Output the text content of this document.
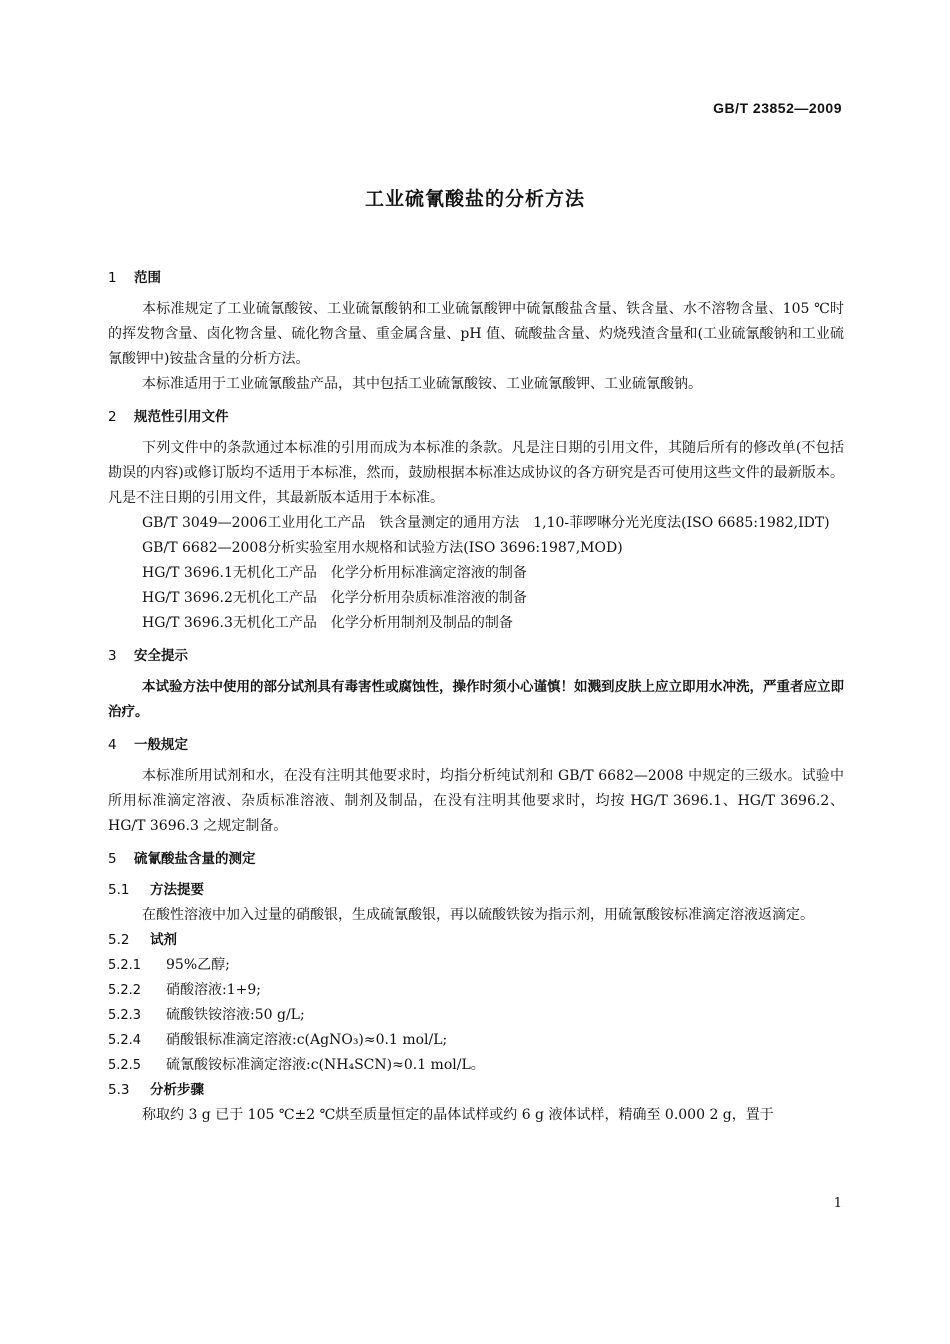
GB/T 23852—2009
工业硫氰酸盐的分析方法
1 范围

本标准规定了工业硫氰酸铵、工业硫氰酸钠和工业硫氰酸钾中硫氰酸盐含量、铁含量、水不溶物含量、105 ℃时的挥发物含量、卤化物含量、硫化物含量、重金属含量、pH 值、硫酸盐含量、灼烧残渣含量和(工业硫氰酸钠和工业硫氰酸钾中)铵盐含量的分析方法。

本标准适用于工业硫氰酸盐产品，其中包括工业硫氰酸铵、工业硫氰酸钾、工业硫氰酸钠。

2 规范性引用文件

下列文件中的条款通过本标准的引用而成为本标准的条款。凡是注日期的引用文件，其随后所有的修改单(不包括勘误的内容)或修订版均不适用于本标准，然而，鼓励根据本标准达成协议的各方研究是否可使用这些文件的最新版本。凡是不注日期的引用文件，其最新版本适用于本标准。

GB/T 3049—2006工业用化工产品　铁含量测定的通用方法　1,10-菲啰啉分光光度法(ISO 6685:1982,IDT)

GB/T 6682—2008分析实验室用水规格和试验方法(ISO 3696:1987,MOD)

HG/T 3696.1无机化工产品　化学分析用标准滴定溶液的制备

HG/T 3696.2无机化工产品　化学分析用杂质标准溶液的制备

HG/T 3696.3无机化工产品　化学分析用制剂及制品的制备

3 安全提示

本试验方法中使用的部分试剂具有毒害性或腐蚀性，操作时须小心谨慎！如溅到皮肤上应立即用水冲洗，严重者应立即治疗。

4 一般规定

本标准所用试剂和水，在没有注明其他要求时，均指分析纯试剂和 GB/T 6682—2008 中规定的三级水。试验中所用标准滴定溶液、杂质标准溶液、制剂及制品，在没有注明其他要求时，均按 HG/T 3696.1、HG/T 3696.2、HG/T 3696.3 之规定制备。

5 硫氰酸盐含量的测定
5.1 方法提要

在酸性溶液中加入过量的硝酸银，生成硫氰酸银，再以硫酸铁铵为指示剂，用硫氰酸铵标准滴定溶液返滴定。

5.2 试剂

5.2.1 95%乙醇;

5.2.2 硝酸溶液:1+9;

5.2.3 硫酸铁铵溶液:50 g/L;

5.2.4 硝酸银标准滴定溶液:c(AgNO₃)≈0.1 mol/L;

5.2.5 硫氰酸铵标准滴定溶液:c(NH₄SCN)≈0.1 mol/L。

5.3 分析步骤

称取约 3 g 已于 105 ℃±2 ℃烘至质量恒定的晶体试样或约 6 g 液体试样，精确至 0.000 2 g，置于

1
